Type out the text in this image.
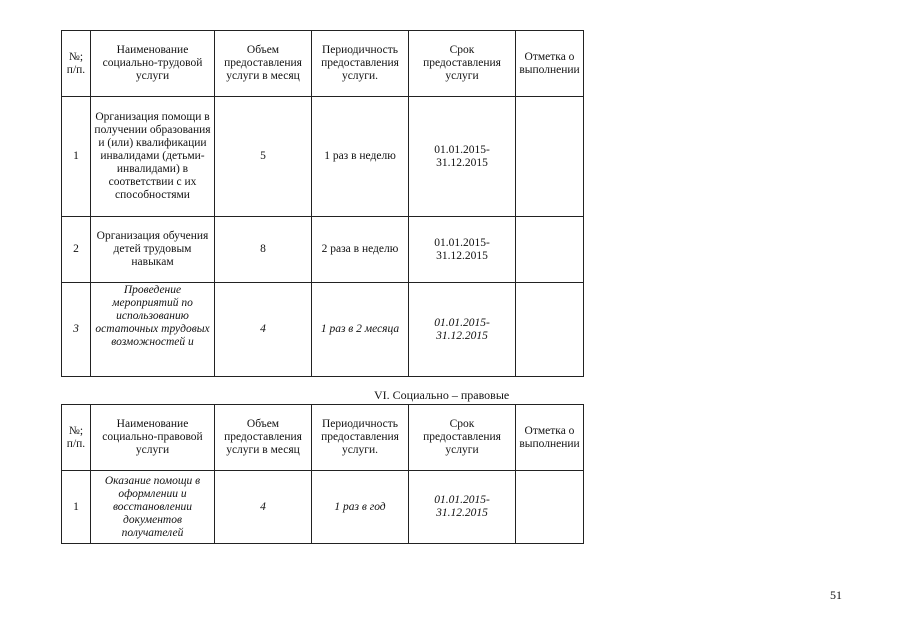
№; п/п.	Наименование социально-трудовой услуги	Объем предоставления услуги в месяц	Периодичность предоставления услуги.	Срок предоставления услуги	Отметка о выполнении
1	Организация помощи в получении образования и (или) квалификации инвалидами (детьми-инвалидами) в соответствии с их способностями	5	1 раз в неделю	01.01.2015-31.12.2015	
2	Организация обучения детей трудовым навыкам	8	2 раза в неделю	01.01.2015-31.12.2015	
3	Проведение мероприятий по использованию остаточных трудовых возможностей и	4	1 раз в 2 месяца	01.01.2015-31.12.2015	
VI. Социально – правовые
№; п/п.	Наименование социально-правовой услуги	Объем предоставления услуги в месяц	Периодичность предоставления услуги.	Срок предоставления услуги	Отметка о выполнении
1	Оказание помощи в оформлении и восстановлении документов получателей	4	1 раз в год	01.01.2015-31.12.2015	
51
